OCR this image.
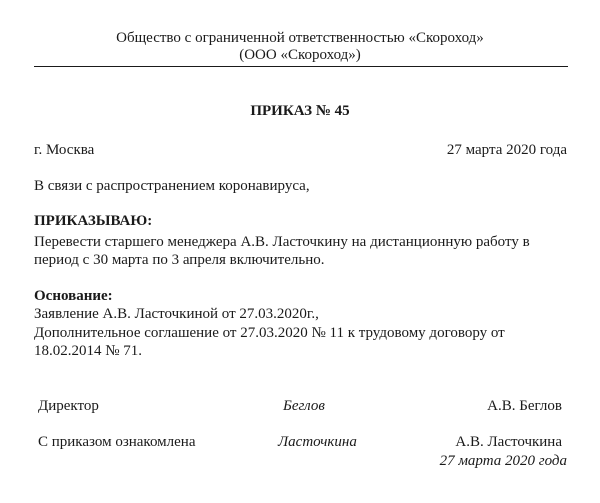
Общество с ограниченной ответственностью «Скороход»
(ООО «Скороход»)
ПРИКАЗ № 45
г. Москва	27 марта 2020 года
В связи с распространением коронавируса,
ПРИКАЗЫВАЮ:
Перевести старшего менеджера А.В. Ласточкину на дистанционную работу в
период с 30 марта по 3 апреля включительно.
Основание:
Заявление А.В. Ласточкиной от 27.03.2020г.,
Дополнительное соглашение от 27.03.2020 № 11 к трудовому договору от
18.02.2014 № 71.
Директор	Беглов	А.В. Беглов
С приказом ознакомлена	Ласточкина	А.В. Ласточкина
27 марта 2020 года
